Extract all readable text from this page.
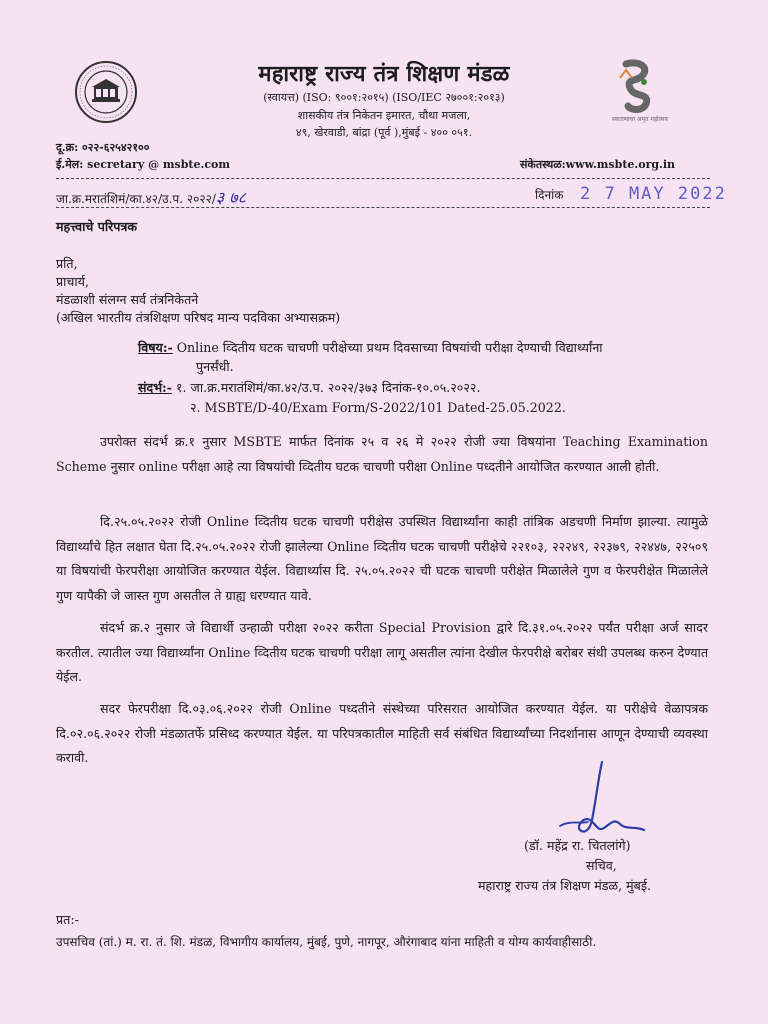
महाराष्ट्र राज्य तंत्र शिक्षण मंडळ
(स्वायत्त) (ISO: ९००१:२०१५) (ISO/IEC २७००१:२०१३)
शासकीय तंत्र निकेतन इमारत, चौथा मजला,
४९, खेरवाडी, बांद्रा (पूर्व ),मुंबई - ४०० ०५१.
स्वातंत्र्याचा अमृत महोत्सव
दू.क्र: ०२२-६२५४२१००
ई.मेल: secretary @ msbte.com	संकेतस्थळ:www.msbte.org.in
जा.क्र.मरातंशिमं/का.४२/उ.प. २०२२/३ ७८	दिनांक 2 7 MAY 2022
महत्त्वाचे परिपत्रक
प्रति,
प्राचार्य,
मंडळाशी संलग्न सर्व तंत्रनिकेतने
(अखिल भारतीय तंत्रशिक्षण परिषद मान्य पदविका अभ्यासक्रम)
विषय:- Online व्दितीय घटक चाचणी परीक्षेच्या प्रथम दिवसाच्या विषयांची परीक्षा देण्याची विद्यार्थ्यांना
पुनर्संधी.
संदर्भ:- १. जा.क्र.मरातंशिमं/का.४२/उ.प. २०२२/३७३ दिनांक-१०.०५.२०२२.
२. MSBTE/D-40/Exam Form/S-2022/101 Dated-25.05.2022.
उपरोक्त संदर्भ क्र.१ नुसार MSBTE मार्फत दिनांक २५ व २६ मे २०२२ रोजी ज्या विषयांना Teaching Examination Scheme नुसार online परीक्षा आहे त्या विषयांची व्दितीय घटक चाचणी परीक्षा Online पध्दतीने आयोजित करण्यात आली होती.
दि.२५.०५.२०२२ रोजी Online व्दितीय घटक चाचणी परीक्षेस उपस्थित विद्यार्थ्यांना काही तांत्रिक अडचणी निर्माण झाल्या. त्यामुळे विद्यार्थ्यांचे हित लक्षात घेता दि.२५.०५.२०२२ रोजी झालेल्या Online व्दितीय घटक चाचणी परीक्षेचे २२१०३, २२२४९, २२३७९, २२४४७, २२५०९ या विषयांची फेरपरीक्षा आयोजित करण्यात येईल. विद्यार्थ्यास दि. २५.०५.२०२२ ची घटक चाचणी परीक्षेत मिळालेले गुण व फेरपरीक्षेत मिळालेले गुण यापैकी जे जास्त गुण असतील ते ग्राह्य धरण्यात यावे.
संदर्भ क्र.२ नुसार जे विद्यार्थी उन्हाळी परीक्षा २०२२ करीता Special Provision द्वारे दि.३१.०५.२०२२ पर्यंत परीक्षा अर्ज सादर करतील. त्यातील ज्या विद्यार्थ्यांना Online व्दितीय घटक चाचणी परीक्षा लागू असतील त्यांना देखील फेरपरीक्षे बरोबर संधी उपलब्ध करुन देण्यात येईल.
सदर फेरपरीक्षा दि.०३.०६.२०२२ रोजी Online पध्दतीने संस्थेच्या परिसरात आयोजित करण्यात येईल. या परीक्षेचे वेळापत्रक दि.०२.०६.२०२२ रोजी मंडळातर्फे प्रसिध्द करण्यात येईल. या परिपत्रकातील माहिती सर्व संबंधित विद्यार्थ्यांच्या निदर्शानास आणून देण्याची व्यवस्था करावी.
(डॉ. महेंद्र रा. चितलांगे)
सचिव,
महाराष्ट्र राज्य तंत्र शिक्षण मंडळ, मुंबई.
प्रत:-
उपसचिव (तां.) म. रा. तं. शि. मंडळ, विभागीय कार्यालय, मुंबई, पुणे, नागपूर, औरंगाबाद यांना माहिती व योग्य कार्यवाहीसाठी.
